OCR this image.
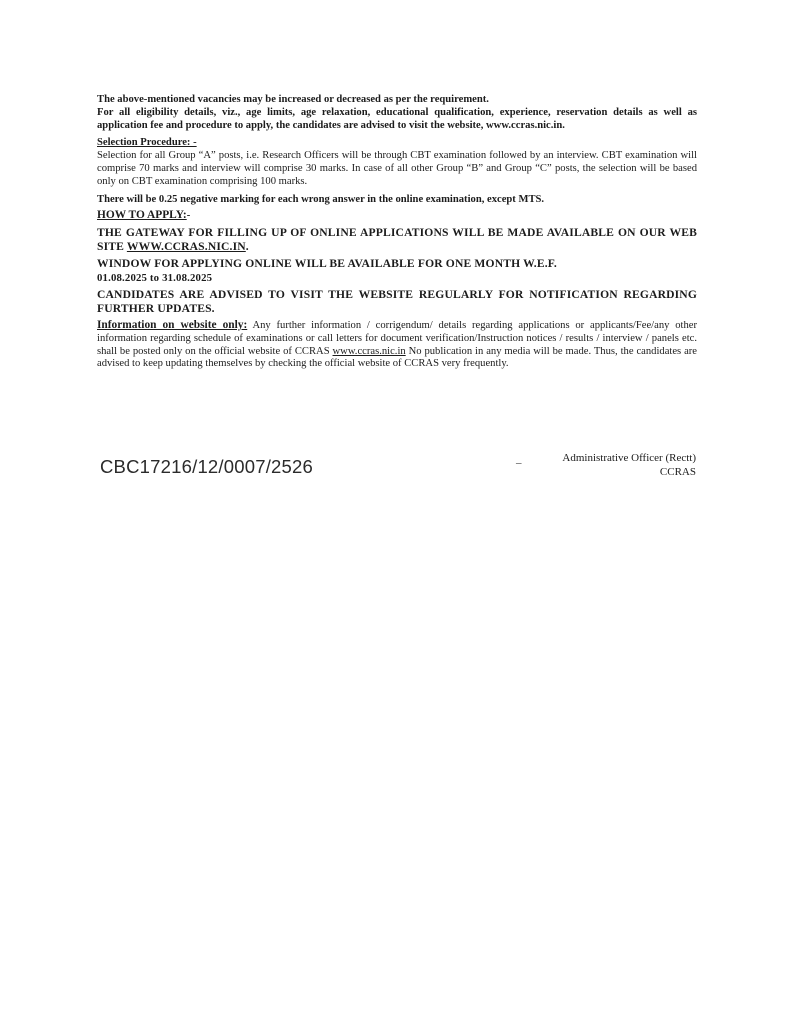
The above-mentioned vacancies may be increased or decreased as per the requirement.

For all eligibility details, viz., age limits, age relaxation, educational qualification, experience, reservation details as well as application fee and procedure to apply, the candidates are advised to visit the website, www.ccras.nic.in.

Selection Procedure: -

Selection for all Group “A” posts, i.e. Research Officers will be through CBT examination followed by an interview. CBT examination will comprise 70 marks and interview will comprise 30 marks. In case of all other Group “B” and Group “C” posts, the selection will be based only on CBT examination comprising 100 marks.

There will be 0.25 negative marking for each wrong answer in the online examination, except MTS.

HOW TO APPLY:-

THE GATEWAY FOR FILLING UP OF ONLINE APPLICATIONS WILL BE MADE AVAILABLE ON OUR WEB SITE WWW.CCRAS.NIC.IN.

WINDOW FOR APPLYING ONLINE WILL BE AVAILABLE FOR ONE MONTH W.E.F.
01.08.2025 to 31.08.2025

CANDIDATES ARE ADVISED TO VISIT THE WEBSITE REGULARLY FOR NOTIFICATION REGARDING FURTHER UPDATES.

Information on website only: Any further information / corrigendum/ details regarding applications or applicants/Fee/any other information regarding schedule of examinations or call letters for document verification/Instruction notices / results / interview / panels etc. shall be posted only on the official website of CCRAS www.ccras.nic.in No publication in any media will be made. Thus, the candidates are advised to keep updating themselves by checking the official website of CCRAS very frequently.

CBC17216/12/0007/2526	_	Administrative Officer (Rectt)
CCRAS
